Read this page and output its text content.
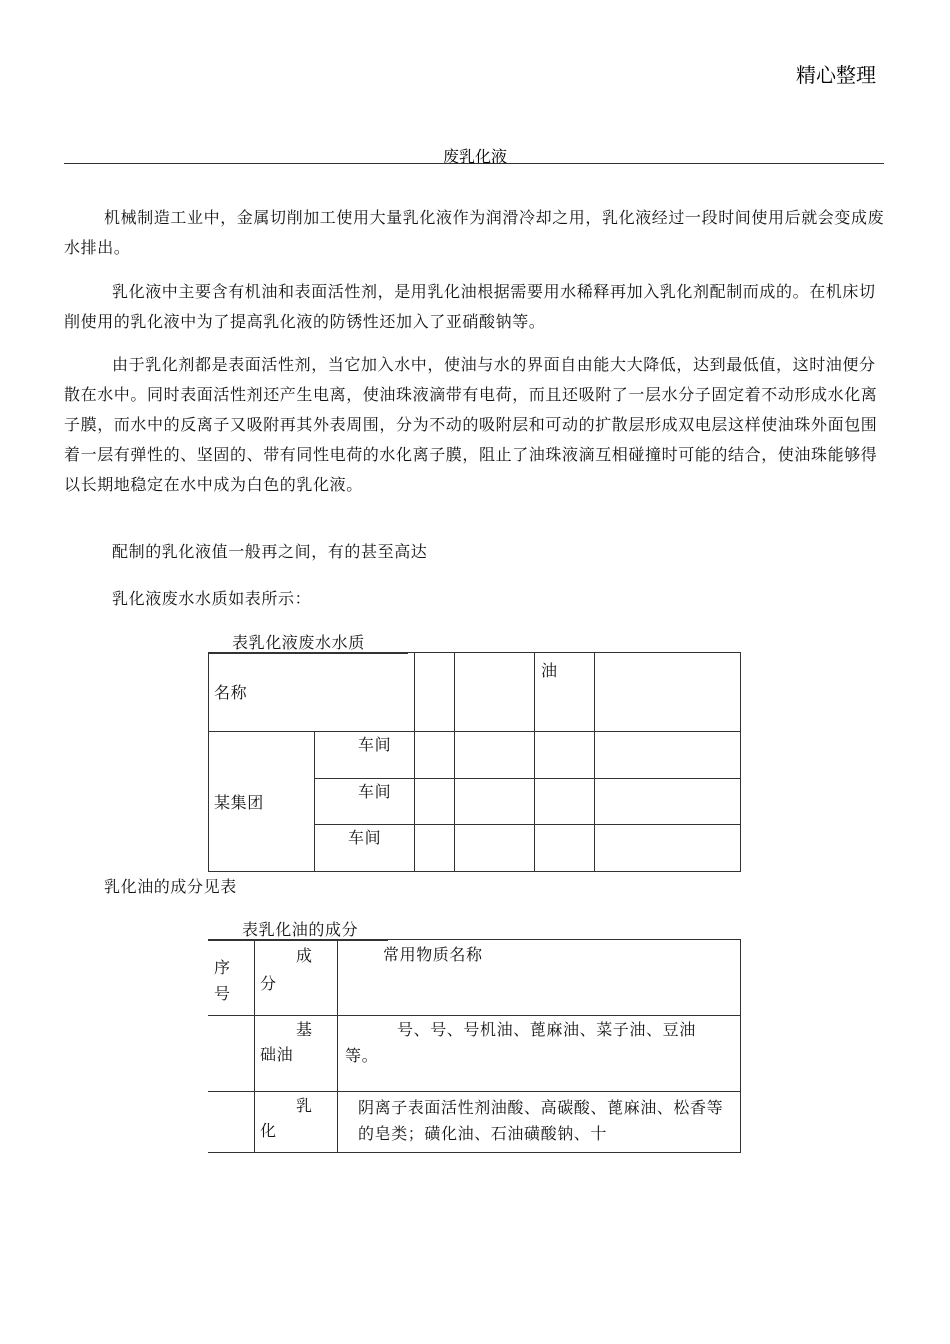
精心整理
废乳化液
机械制造工业中，金属切削加工使用大量乳化液作为润滑冷却之用，乳化液经过一段时间使用后就会变成废水排出。
乳化液中主要含有机油和表面活性剂，是用乳化油根据需要用水稀释再加入乳化剂配制而成的。在机床切削使用的乳化液中为了提高乳化液的防锈性还加入了亚硝酸钠等。
由于乳化剂都是表面活性剂，当它加入水中，使油与水的界面自由能大大降低，达到最低值，这时油便分散在水中。同时表面活性剂还产生电离，使油珠液滴带有电荷，而且还吸附了一层水分子固定着不动形成水化离子膜，而水中的反离子又吸附再其外表周围，分为不动的吸附层和可动的扩散层形成双电层这样使油珠外面包围着一层有弹性的、坚固的、带有同性电荷的水化离子膜，阻止了油珠液滴互相碰撞时可能的结合，使油珠能够得以长期地稳定在水中成为白色的乳化液。
配制的乳化液值一般再之间，有的甚至高达
乳化液废水水质如表所示：
表乳化液废水水质
名称
油
某集团
车间
车间
车间
乳化油的成分见表
表乳化油的成分
序号
成分
常用物质名称
基础油
号、号、号机油、蓖麻油、菜子油、豆油等。
乳化
阴离子表面活性剂油酸、高碳酸、蓖麻油、松香等的皂类；磺化油、石油磺酸钠、十
